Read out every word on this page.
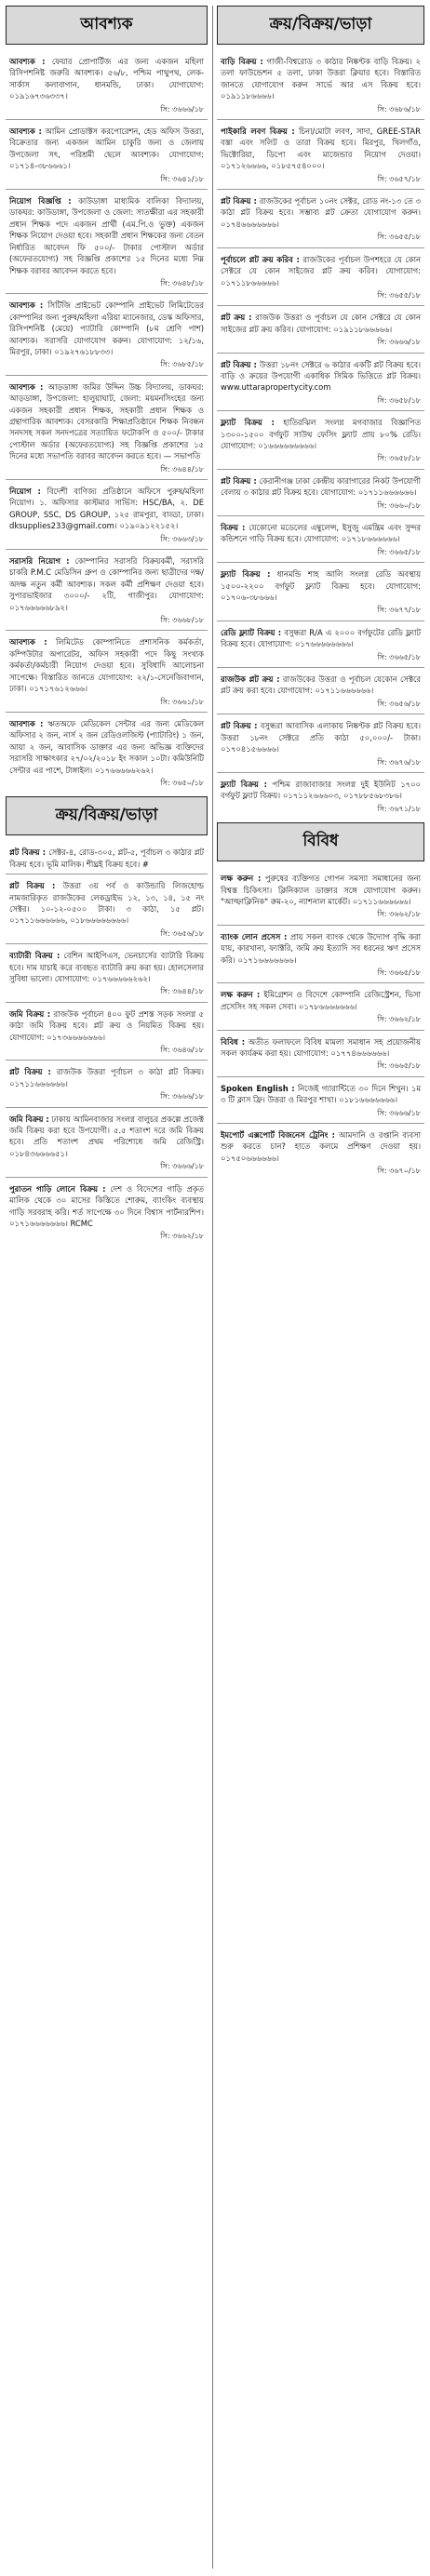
আবশ্যক
আবশ্যক : ফেয়ার প্রোপার্টিজ এর জন্য একজন মহিলা রিসিপশনিষ্ট জরুরি আবশ্যক। ৫৬/৮, পশ্চিম পাথুপথ, লেক-সার্কাস কলাবাগান, ধানমন্ডি, ঢাকা। যোগাযোগ: ০১৯১৬৭৩৬৩৩৭।
সি: ৩৬৬৬/১৮
আবশ্যক : আমিন প্রোডাক্টস করপোরেশন, হেড অফিস উত্তরা, বিক্রেতার জন্য একজন আমিন চাকুরি জন্য ও জেলায় উপজেলা সৎ, পরিশ্রমী ছেলে আবশ্যক। যোগাযোগ: ০১৭১৪-৩৮৬৬৬১।
সি: ৩৬৪১/১৮
নিয়োগ বিজ্ঞপ্তি : কাউডাঙ্গা মাধ্যমিক বালিকা বিদ্যালয়, ডাকঘর: কাউডাঙ্গা, উপজেলা ও জেলা: সাতক্ষীরা এর সহকারী প্রধান শিক্ষক পদে একজন প্রার্থী (এম.পি.ও ভুক্ত) একজন শিক্ষক নিয়োগ দেওয়া হবে। সহকারী প্রধান শিক্ষকের জন্য বেতন নির্ধারিত আবেদন ফি ৫০০/- টাকার পোস্টাল অর্ডার (অফেরতযোগ্য) সহ বিজ্ঞপ্তি প্রকাশের ১৫ দিনের মধ্যে নিম্ন শিক্ষক বরাবর আবেদন করতে হবে।
সি: ৩৬৪৮/১৮
আবশ্যক : সিটিজি প্রাইভেট কোম্পানি প্রাইভেট লিমিটেডের কোম্পানির জন্য পুরুষ/মহিলা এরিয়া ম্যানেজার, ডেস্ক অফিসার, রিসিপশনিষ্ট (মেয়ে) প্যাটারি কোম্পানি (৮ম শ্রেণি পাশ) আবশ্যক। সরাসরি যোগাযোগ করুন। যোগাযোগ: ১২/১৬, মিরপুর, ঢাকা। ০১৯২৭৬১৮৮৩৩।
সি: ৩৬৮৫/১৮
আবশ্যক : আড়ডাঙ্গা জমির উদ্দিন উচ্চ বিদ্যালয়, ডাকঘর: আড়ডাঙ্গা, উপজেলা: হালুয়াঘাট, জেলা: ময়মনসিংহের জন্য একজন সহকারী প্রধান শিক্ষক, সহকারী প্রধান শিক্ষক ও গ্রন্থাগারিক আবশ্যক। বেসরকারি শিক্ষাপ্রতিষ্ঠানে শিক্ষক নিবন্ধন সনদসহ সকল সনদপত্রের সত্যায়িত ফটোকপি ও ৫০০/- টাকার পোস্টাল অর্ডার (অফেরতযোগ্য) সহ বিজ্ঞপ্তি প্রকাশের ১৫ দিনের মধ্যে সভাপতি বরাবর আবেদন করতে হবে। — সভাপতি
সি: ৩৬৪৪/১৮
নিয়োগ : বিদেশী বাণিজ্য প্রতিষ্ঠানে অফিসে পুরুষ/মহিলা নিয়োগ। ১. অফিসার কাস্টমার সার্ভিস: HSC/BA, ২. DE GROUP, SSC, DS GROUP, ১২৫ রামপুরা, বাড্ডা, ঢাকা। dksupplies233@gmail.com। ০১৯০৯১২২১৫২।
সি: ৩৬৬৩/১৮
সরাসরি নিয়োগ : কোম্পানির সরাসরি বিক্রয়কর্মী, সরাসরি চাকরি P.M.C মেডিসিন গ্রুপ ও কোম্পানির জন্য ছাত্রীদের দক্ষ/অদক্ষ নতুন কর্মী আবশ্যক। সকল কর্মী প্রশিক্ষণ দেওয়া হবে। সুপারভাইজার ৩০০০/- ২টি, গাজীপুর। যোগাযোগ: ০১৭৬৬৬৬৬৮৯২।
সি: ৩৬৬৮/১৮
আবশ্যক : লিমিটেড কোম্পানিতে প্রশাসনিক কর্মকর্তা, কম্পিউটার অপারেটর, অফিস সহকারী পদে কিছু সংখ্যক কর্মকর্তা/কর্মচারী নিয়োগ দেওয়া হবে। সুবিধাদি আলোচনা সাপেক্ষে। বিস্তারিত জানতে যোগাযোগ: ২২/১-সেনেজিবাগান, ঢাকা। ০১৭১৭৬১২৬৬৬।
সি: ৩৬৬১/১৮
আবশ্যক : ঋতঅফে মেডিকেল সেন্টার এর জন্য মেডিকেল অফিসার ২ জন, নার্স ২ জন রেডিওলজিস্ট (প্যাটারিং) ১ জন, আয়া ২ জন, আবাসিক ডাক্তার এর জন্য অভিজ্ঞ ব্যক্তিদের সরাসরি সাক্ষাৎকার ২৭/০২/২০১৮ ইং সকাল ১০টা। কমিউনিটি সেন্টার এর পাশে, টাঙ্গাইল। ০১৭৬৬৬৬৬২৬২।
সি: ৩৬৫০/১৮
ক্রয়/বিক্রয়/ভাড়া
প্লট বিক্রয় : সেক্টর-৪, রোড-৩০৫, প্লট-৫, পূর্বাচল ৩ কাঠার প্লট বিক্রয় হবে। ভূমি মালিক। শীঘ্রই বিক্রয় হবে। #
প্লট বিক্রয় : উত্তরা ৩য় পর্ব ও কাউন্ডারি লিজহোল্ড নামজারিকৃত রাজউকের লেকড্রাইভ ১২, ১৩, ১৪, ১৫ নং সেক্টর। ১০-১২-০৫০০ টাকা। ৩ কাঠা, ১৫ প্লট। ০১৭১১৬৬৬৬৬৬, ০১৮৬৬৬৬৬৬৬৬।
সি: ৩৬৫৬/১৮
ব্যাটারী বিক্রয় : বেশিন আইপিএস, ভেনচার্সের ব্যাটারি বিক্রয় হবে। দাম যাচাই করে ব্যবহৃত ব্যাটারি ক্রয় করা হয়। হোলসেলার সুবিধা ভালো। যোগাযোগ: ০১৭৬৬৬৬৬২৬২।
সি: ৩৬৪৪/১৮
জমি বিক্রয় : রাজউক পূর্বাচল ৪০০ ফুট প্রশস্ত সড়ক সংলগ্ন ৫ কাঠা জমি বিক্রয় হবে। প্লট ক্রয় ও নিয়মিত বিক্রয় হয়। যোগাযোগ: ০১৭৩৬৬৬৬৬৬৬।
সি: ৩৬৪৬/১৮
প্লট বিক্রয় : রাজউক উত্তরা পূর্বাচল ৩ কাঠা প্লট বিক্রয়। ০১৭১১৬৬৬৬৬৬।
সি: ৩৬৬৬/১৮
জমি বিক্রয় : ঢাকায় আমিনবাজার সংলগ্ন বালুচর প্রকল্পে প্রজেক্ট জমি বিক্রয় করা হবে উপযোগী। ৫.৫ শতাংশ দরে জমি বিক্রয় হবে। প্রতি শতাংশ প্রথম পরিশোধে জমি রেজিস্ট্রি। ০১৮৪৩৬৬৬৬৫১।
সি: ৩৬৬৬/১৮
পুরাতন গাড়ি লোনে বিক্রয় : দেশ ও বিদেশের গাড়ি প্রকৃত মালিক থেকে ৩০ মাসের কিস্তিতে শোরুম, ব্যাংকিং ব্যবস্থায় গাড়ি সরবরাহ করি। শর্ত সাপেক্ষে ৩০ দিনে বিশ্বাস পার্টনারশিপ। ০১৭১৬৬৬৬৬৬৬। RCMC
সি: ৩৬৬২/১৮
ক্রয়/বিক্রয়/ভাড়া
বাড়ি বিক্রয় : গাজী-বিশ্বরোড ৩ কাঠার নিষ্কণ্টক বাড়ি বিক্রয়। ২ তলা ফাউন্ডেশন ৫ তলা, ঢাকা উত্তরা ক্লিয়ার হবে। বিস্তারিত জানতে যোগাযোগ করুন সার্ভে আর এস বিক্রয় হবে। ০১৯১১৮৬৬৬৬।
সি: ৩৬৮৬/১৮
পাইকারি লবণ বিক্রয় : চিনা/মোটা লবণ, সাদা, GREE-STAR বস্তা এবং সলিট ও তারা বিক্রয় হবে। মিরপুর, খিলগাঁও, ভিক্টোরিয়া, ডিপো এবং মাজেন্ডার নিয়োগ দেওয়া। ০১৭১২৬৬৬৬, ০১৮৫৭৫৪০০০।
সি: ৩৬৫৭/১৮
প্লট বিক্রয় : রাজউকের পূর্বাচল ১০নং সেক্টর, রোড নং-১৩ তে ৩ কাঠা প্লট বিক্রয় হবে। সম্ভাব্য প্লট ক্রেতা যোগাযোগ করুন। ০১৭৪৬৬৬৬৬৬৬।
সি: ৩৬৫৫/১৮
পূর্বাচলে প্লট ক্রয় করিব : রাজউকের পূর্বাচল উপশহরে যে কোন সেক্টরে যে কোন সাইজের প্লট ক্রয় করিব। যোগাযোগ: ০১৭১১৮৬৬৬৬৬।
সি: ৩৬৫৫/১৮
প্লট ক্রয় : রাজউক উত্তরা ও পূর্বাচল যে কোন সেক্টরে যে কোন সাইজের প্লট ক্রয় করিব। যোগাযোগ: ০১৯১১৮৬৬৬৬৬।
সি: ৩৬৬৬/১৮
প্লট বিক্রয় : উত্তরা ১৮নং সেক্টরে ৬ কাঠার একটি প্লট বিক্রয় হবে। বাড়ি ও ক্রয়ের উপযোগী একাধিক সিমিক ভিত্তিতে প্লট বিক্রয়। www.uttarapropertycity.com
সি: ৩৬৫৮/১৮
ফ্ল্যাট বিক্রয় : হাতিরঝিল সংলগ্ন মগবাজার বিজ্ঞাপিত ১৩০০-১৫০০ বর্গফুট সাউথ ফেসিং ফ্ল্যাট প্রায় ৮০% রেডি। যোগাযোগ: ০১৬৬৬৬৬৬৬৬৬।
সি: ৩৬৫৮/১৮
প্লট বিক্রয় : কেরানীগঞ্জ ঢাকা কেন্দ্রীয় কারাগারের নিকট উপযোগী বেলায় ৩ কাঠার প্লট বিক্রয় হবে। যোগাযোগ: ০১৭১১৬৬৬৬৬৬।
সি: ৩৬৬০/১৮
বিক্রয় : যেকোনো মডেলের এম্বুলেন্স, ইসুজু এমন্ত্রিম এবং সুন্দর কন্ডিশনে গাড়ি বিক্রয় হবে। যোগাযোগ: ০১৭১৮৬৬৬৬৬৬।
সি: ৩৬৬৫/১৮
ফ্ল্যাট বিক্রয় : ধানমন্ডি শাহ আলি সংলগ্ন রেডি অবস্থায় ১৫০০-২২০০ বর্গফুট ফ্ল্যাট বিক্রয় হবে। যোগাযোগ: ০১৭০৬-৩৮৬৬৬।
সি: ৩৬৭৭/১৮
রেডি ফ্ল্যাট বিক্রয় : বসুন্ধরা R/A এ ২০০০ বর্গফুটের রেডি ফ্ল্যাট বিক্রয় হবে। যোগাযোগ: ০১৭৬৬৬৬৬৬৬৬।
সি: ৩৬৬৫/১৮
রাজউক প্লট ক্রয় : রাজউকের উত্তরা ও পূর্বাচল যেকোন সেক্টরে প্লট ক্রয় করা হবে। যোগাযোগ: ০১৭১১৬৬৬৬৬৬।
সি: ৩৬৫৬/১৮
প্লট বিক্রয় : বসুন্ধরা আবাসিক এলাকায় নিষ্কণ্টক প্লট বিক্রয় হবে। উত্তরা ১৮নং সেক্টরে প্রতি কাঠা ৫০,০০০/- টাকা। ০১৭০৪১৫৬৬৬৬।
সি: ৩৬৭৬/১৮
ফ্ল্যাট বিক্রয় : পশ্চিম রাজাবাজার সংলগ্ন দুই ইউনিট ১৭০০ বর্গফুট ফ্ল্যাট বিক্রয়। ০১৭১১২৬৬৬০৩, ০১৭৮৮৫৬৮৩৮৬।
সি: ৩৬৭১/১৮
বিবিধ
লক্ষ করুন : পুরুষের ব্যক্তিগত গোপন সমস্যা সমাধানের জন্য বিশ্বস্ত চিকিৎসা। ক্লিনিক্যাল ডাক্তার সঙ্গে যোগাযোগ করুন। "আল্ফাক্লিনিক" রুম-২০, ন্যাশনাল মার্কেট। ০১৭১১৬৬৬৬৬৬।
সি: ৩৬৬২/১৮
ব্যাংক লোন প্রসেস : প্রায় সকল ব্যাংক থেকে উদ্যোগ বৃদ্ধি করা যায়, কারখানা, ফ্যাক্টরি, জমি ক্রয় ইত্যাদি সব ধরনের ঋণ প্রসেস করি। ০১৭১৬৬৬৬৬৬৬।
সি: ৩৬৬৫/১৮
লক্ষ করুন : ইমিগ্রেশন ও বিদেশে কোম্পানি রেজিস্ট্রেশন, ভিসা প্রসেসিং সহ সকল সেবা। ০১৭৮৬৬৬৬৬৬৬।
সি: ৩৬৬২/১৮
বিবিধ : অতীত ফলাফলে বিবিধ মামলা সমাধান সহ প্রয়োজনীয় সকল কার্যক্রম করা হয়। যোগাযোগ: ০১৭৭৪৬৬৬৬৬৬।
সি: ৩৬৬৫/১৮
Spoken English : নিজেই গ্যারান্টিতে ৩০ দিনে শিখুন। ১ম ৩ টি ক্লাস ফ্রি। উত্তরা ও মিরপুর শাখা। ০১৮১৬৬৬৬৬৬৬।
সি: ৩৬৬৬/১৮
ইমপোর্ট এক্সপোর্ট বিজনেস ট্রেনিং : আমদানি ও রপ্তানি ব্যবসা শুরু করতে চান? হাতে কলমে প্রশিক্ষণ দেওয়া হয়। ০১৭৫০৬৬৬৬৬৬।
সি: ৩৬৭০/১৮
